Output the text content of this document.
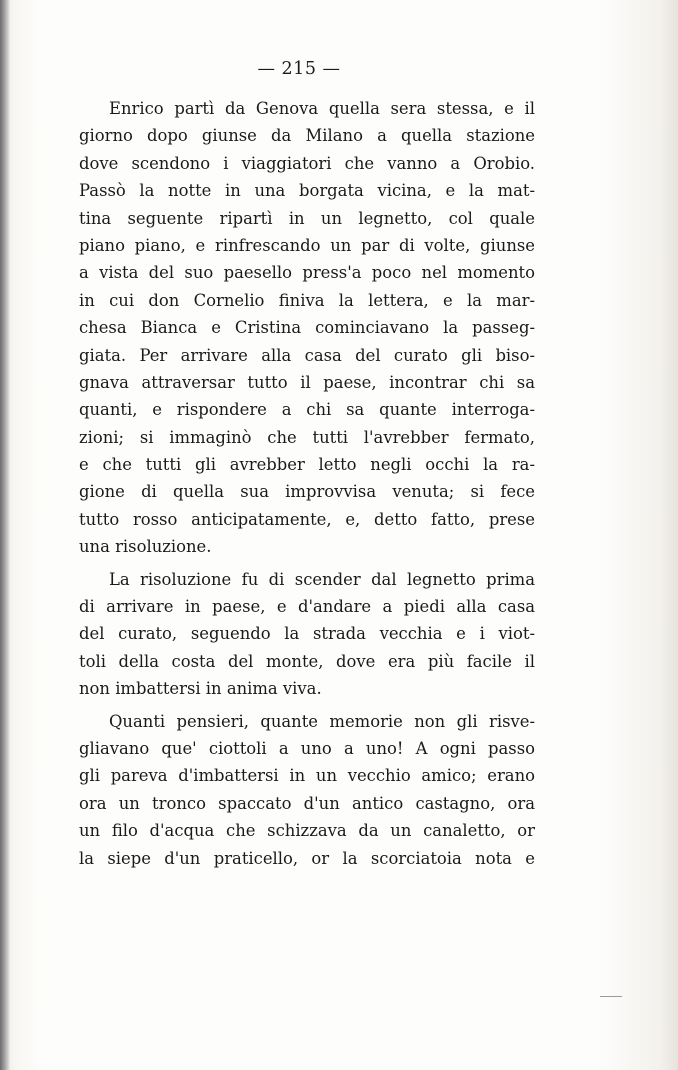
— 215 —
Enrico partì da Genova quella sera stessa, e il
giorno dopo giunse da Milano a quella stazione
dove scendono i viaggiatori che vanno a Orobio.
Passò la notte in una borgata vicina, e la mat-
tina seguente ripartì in un legnetto, col quale
piano piano, e rinfrescando un par di volte, giunse
a vista del suo paesello press'a poco nel momento
in cui don Cornelio finiva la lettera, e la mar-
chesa Bianca e Cristina cominciavano la passeg-
giata. Per arrivare alla casa del curato gli biso-
gnava attraversar tutto il paese, incontrar chi sa
quanti, e rispondere a chi sa quante interroga-
zioni; si immaginò che tutti l'avrebber fermato,
e che tutti gli avrebber letto negli occhi la ra-
gione di quella sua improvvisa venuta; si fece
tutto rosso anticipatamente, e, detto fatto, prese
una risoluzione.
La risoluzione fu di scender dal legnetto prima
di arrivare in paese, e d'andare a piedi alla casa
del curato, seguendo la strada vecchia e i viot-
toli della costa del monte, dove era più facile il
non imbattersi in anima viva.
Quanti pensieri, quante memorie non gli risve-
gliavano que' ciottoli a uno a uno! A ogni passo
gli pareva d'imbattersi in un vecchio amico; erano
ora un tronco spaccato d'un antico castagno, ora
un filo d'acqua che schizzava da un canaletto, or
la siepe d'un praticello, or la scorciatoia nota e
